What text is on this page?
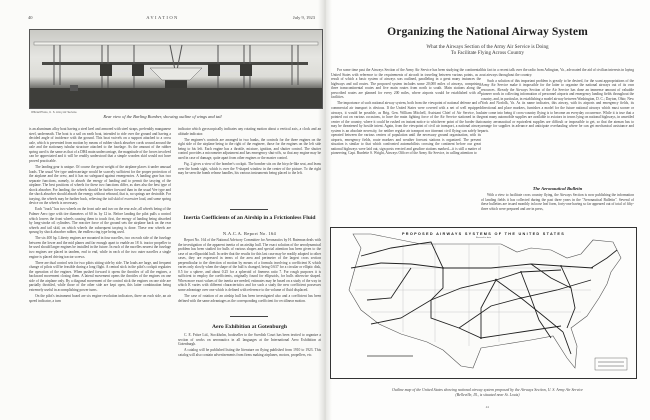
AVIATION
40	July 9, 1923
Official Photo, U. S. Army Air Service
Rear view of the Barling Bomber, showing outline of wings and tail

is an aluminum alloy boat having a steel keel and armored with steel straps, preferably manganese steel, underneath. The boat is a sail on earth boat, intended to ride over the ground and having a decided angle of incidence with the ground. This boat swivels on a support attached to a cross axle, which is prevented from motion by means of rubber shock absorber cords wound around the axle and the stationary tubular structure attached to the fuselage. As the amount of the rubber spring used is the same as that of a DH4 main undercarriage, the magnitude of the forces involved can be appreciated and it will be readily understood that a simple wooden skid would not have proved practicable.

The landing gear is unique. Of course the great weight of the airplane places it under unusual loads. The usual Vee type undercarriage would be scarcely sufficient for the proper protection of the airplane and the crew, and it has no safeguard against emergencies. A landing gear has two separate functions, namely, to absorb the energy of landing and to permit the taxying of the airplane. The best positions of wheels for these two functions differ, as does also the best type of shock absorber. For landing, the wheels should be further forward than in the usual Vee type and the shock absorber should absorb the energy without rebound, that is, no springs are desirable. For taxying, the wheels may be further back, relieving the tail skid of excessive load, and some spring device on the wheels is necessary.

Each "truck" has two wheels on the front axle and two on the rear axle, all wheels being of the Palmer Aero type with tire diameters of 60 in. by 12 in. Before landing the pilot pulls a control which lowers the front wheels causing them to touch first, the energy of landing being absorbed by long-stroke oil cylinders. The reactive force of the ground sets the airplane back on the rear wheels and tail skid, on which wheels the subsequent taxying is done. These rear wheels are sprung by shock absorber rubber, the endless ring type being used.

The six 400 hp. Liberty engines are mounted in four nacelles, two on each side of the fuselage between the lower and the mid planes and far enough apart to enable an 18 ft. tractor propeller to be used should larger engines be installed in the future. In each of the nacelles nearest the fuselage two engines are placed in tandem, end to end, while in each of the two outer nacelles a single engine is placed driving tractor screws.

There are dual control sets for two pilots sitting side by side. The loads are large, and frequent change of pilots will be feasible during a long flight. A central stick in the pilot's cockpit regulates the operation of the engines. When pushed forward it opens the throttles of all the engines, a backward movement closing them. A lateral movement opens the throttles of the engines on one side of the airplane only. By a diagonal movement of the control stick the engines on one side are partially throttled, while those of the other side are kept open, this latter combination being extremely useful in accomplishing power turns.

On the pilot's instrument board are six engine revolution indicators, three on each side, an air speed indicator, a turn

indicator which gyroscopically indicates any rotating motion about a vertical axis, a clock and an altitude indicator.

The engineer's controls are arranged in two banks, the controls for the three engines on the right side of the airplane being to the right of the engineer, those for the engines on the left side being to his left. Each engine has a throttle, mixture, ignition, and shutter control. The shutter control provides a micrometer adjustment and has emergency shut-offs, so that any engine may be used in case of damage, quite apart from other engines or the master control.

Fig. 2 gives a view of the bomber's cockpit. The bomber sits on the bicycle-like seat, and leans over the bomb sight, which is over the V-shaped window in the center of the picture. To the right may be seen the bomb release handles, his various instruments being placed to the left.

Inertia Coefficients of an Airship in a Frictionless Fluid
N.A.C.A. Report No. 164

Report No. 164 of the National Advisory Committee for Aeronautics by H. Bateman deals with the investigation of the apparent inertia of an airship hull. The exact solution of the aerodynamical problem has been studied for hulls of various shapes and special attention has been given to the case of an ellipsoidal hull. In order that the results for this last case may be readily adapted to other cases, they are expressed in terms of the area and perimeter of the largest cross section perpendicular to the direction of motion by means of a formula involving a coefficient K which varies only slowly when the shape of the hull is changed, being 0.637 for a circular or elliptic disk, 0.5 for a sphere, and about 0.25 for a spheroid of fineness ratio 7. For rough purposes it is sufficient to employ the coefficients, originally found for ellipsoids, for hulls otherwise shaped. When more exact values of the inertia are needed, estimates may be based on a study of the way in which K varies with different characteristics and for such a study the new coefficient possesses some advantage over one which is defined with reference to the volume of fluid displaced.

The case of rotation of an airship hull has been investigated also and a coefficient has been defined with the same advantages as the corresponding coefficient for rectilinear motion.

Aero Exhibition at Gotenburgh

C. E. Fritze Ltd., Stockholm, bookseller to the Swedish Court has been invited to organize a section of works on aeronautics in all languages at the International Aero Exhibition at Gotenburgh.

A catalog will be published listing the literature on flying published from 1910 to 1923. This catalog will also contain advertisements from firms making airplanes, motors, propellers, etc.

Organizing the National Airway System
What the Airways Section of the Army Air Service is Doing
To Facilitate Flying Across Country

For some time past the Airways Section of the Army Air Service has been studying the continental United States with reference to the requirements of aircraft in traveling between various points, as a result of which a basic system of airways was outlined, paralleling in a great many instances the highways and rail routes. The proposed system includes some 20,000 miles of airways, comprising three transcontinental routes and five main routes from north to south. Main stations along the prescribed routes are planned for every 200 miles, where airports would be established with all facilities.

The importance of such national airway system, both from the viewpoint of national defense and of commercial air transport is obvious. If the United States were covered with a net of well equipped airways, it would be possible, as Brig. Gen. William Mitchell, Assistant Chief of Air Service, has pointed out on various occasions, to have the main fighting force of the Air Service stationed in the center of the country, where it could be rushed on instant notice to whichever point of the border that may be threatened by hostile intent. Again, from the viewpoint of civil air transport, a national airway system is an absolute necessity, for neither regular air transport nor itinerant civil flying can safely be operated between the various centers of population until the necessary ground organization, with its airports, emergency fields, route markers and weather forecast stations is organized. The present situation is similar to that which confronted automobilists crossing the continent before our great national highways were laid out, sign posts erected and gasoline stations marked—it is still a matter of pioneering. Capt. Burdette S. Wright, Airways Officer of the Army Air Service, in calling attention to

this fact in a recent talk over the radio from Arlington, Va., advocated the aid of civilian interests in laying out airways throughout the country.

Such a solution of this important problem is greatly to be desired, for the scant appropriations of the Army Air Service make it impossible for the latter to organize the national airways out of its own resources. Already the Airways Section of the Air Service has done an immense amount of valuable pioneer work in collecting information of personnel airports and emergency landing fields throughout the country, and, in particular, in establishing a model airway between Washington, D. C.; Dayton, Ohio; New York and Norfolk, Va. As its name indicates, this airway, with its airports and emergency fields, its directional and place markers, furnishes a model for the future national airways which must sooner or later come into being if cross-country flying is to become an everyday occurrence. While it is true that a great many automobile supplies are available to aviators in towns lying on national highways, in unsettled country aeronautical or equivalent supplies are difficult or impossible to get, so that the airman has to arrange for supplies in advance and anticipate overhauling where he can get mechanical assistance and parts.

The Aeronautical Bulletin

With a view to facilitate cross country flying, the Airways Section is now publishing the information of landing fields it has collected during the past three years in the "Aeronautical Bulletin". Several of these bulletins are issued monthly in loose leaf form, forty-one having so far appeared out of total of fifty-three which were prepared and are in press,

PROPOSED AIRWAYS SYSTEMS OF THE UNITED STATES
Revised to date
Outline map of the United States showing national airway system proposed by the Airways Section, U. S. Army Air Service
(Belleville, Ill., is situated near St. Louis)
41
